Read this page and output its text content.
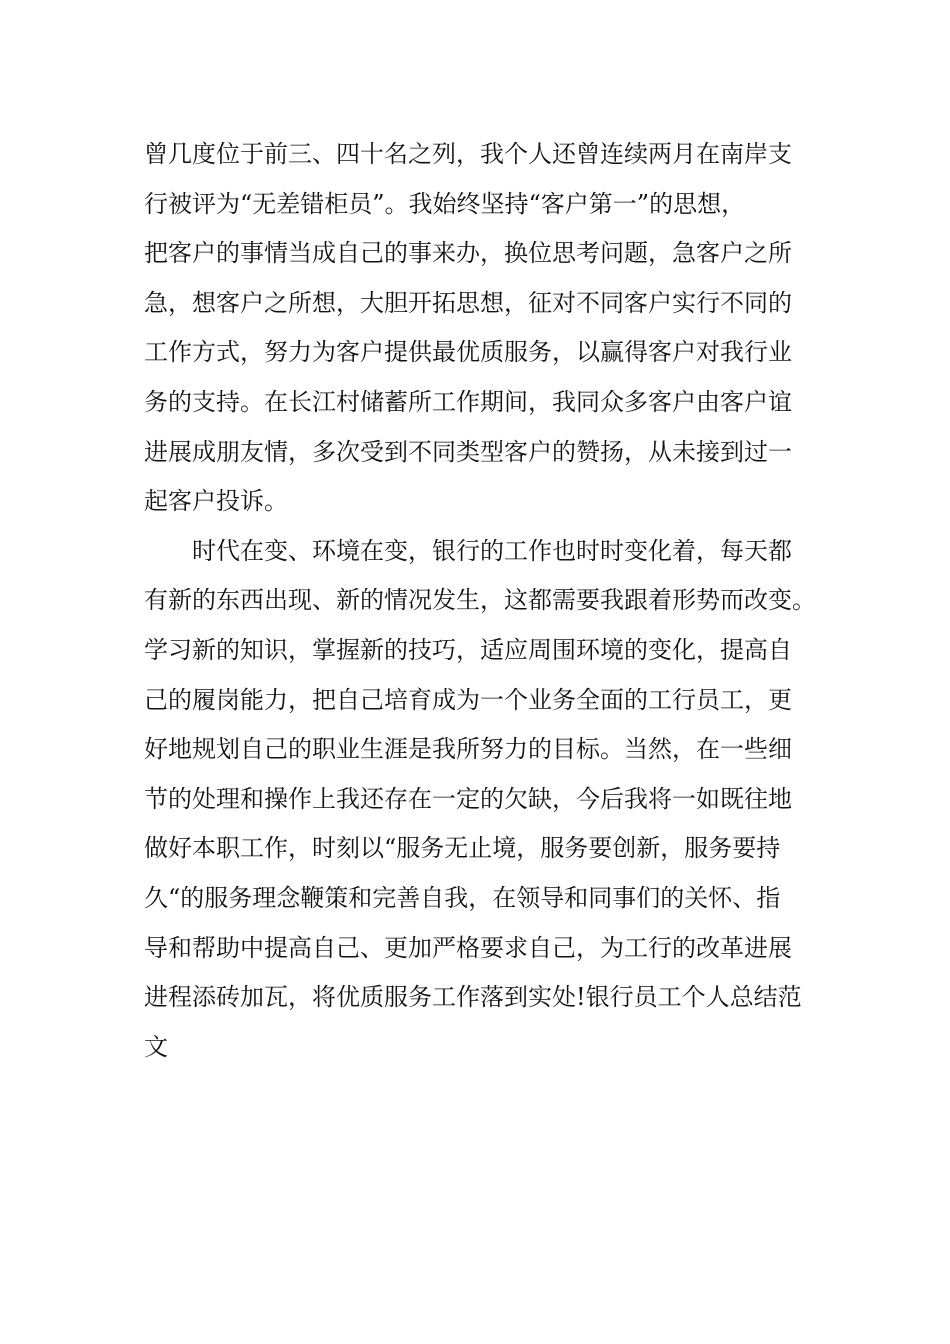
曾几度位于前三、四十名之列，我个人还曾连续两月在南岸支
行被评为“无差错柜员”。我始终坚持“客户第一”的思想，
把客户的事情当成自己的事来办，换位思考问题，急客户之所
急，想客户之所想，大胆开拓思想，征对不同客户实行不同的
工作方式，努力为客户提供最优质服务，以赢得客户对我行业
务的支持。在长江村储蓄所工作期间，我同众多客户由客户谊
进展成朋友情，多次受到不同类型客户的赞扬，从未接到过一
起客户投诉。
时代在变、环境在变，银行的工作也时时变化着，每天都
有新的东西出现、新的情况发生，这都需要我跟着形势而改变。
学习新的知识，掌握新的技巧，适应周围环境的变化，提高自
己的履岗能力，把自己培育成为一个业务全面的工行员工，更
好地规划自己的职业生涯是我所努力的目标。当然，在一些细
节的处理和操作上我还存在一定的欠缺，今后我将一如既往地
做好本职工作，时刻以“服务无止境，服务要创新，服务要持
久“的服务理念鞭策和完善自我，在领导和同事们的关怀、指
导和帮助中提高自己、更加严格要求自己，为工行的改革进展
进程添砖加瓦，将优质服务工作落到实处!银行员工个人总结范
文
